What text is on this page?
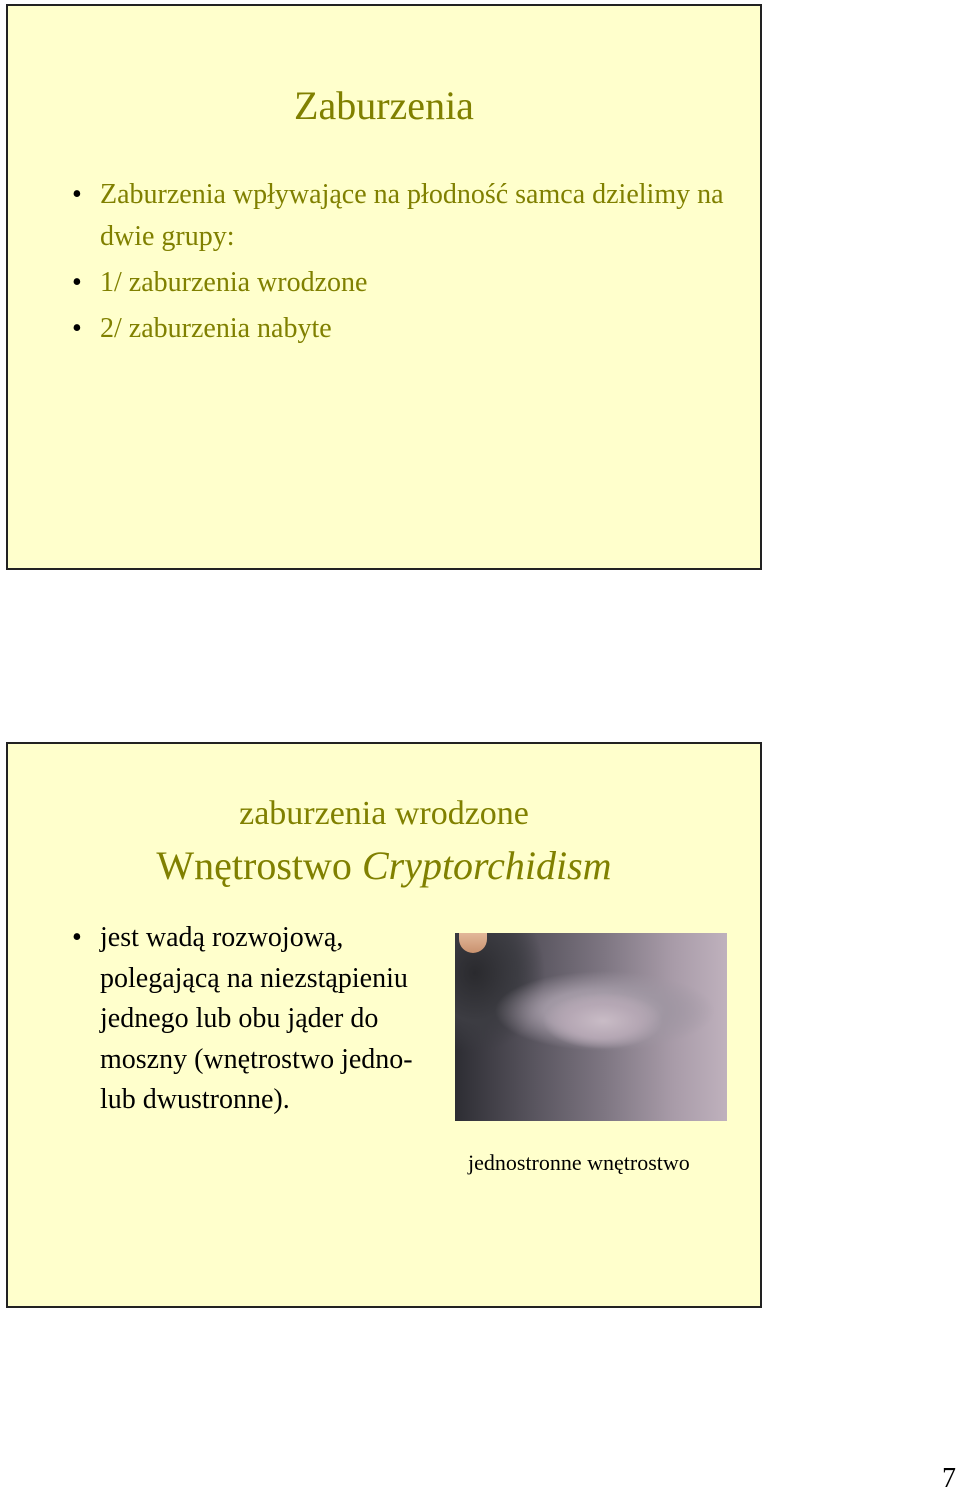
Zaburzenia
• Zaburzenia wpływające na płodność samca dzielimy na dwie grupy:
• 1/ zaburzenia wrodzone
• 2/ zaburzenia nabyte
zaburzenia wrodzone
Wnętrostwo Cryptorchidism
• jest wadą rozwojową, polegającą na niezstąpieniu jednego lub obu jąder do moszny (wnętrostwo jedno- lub dwustronne).
jednostronne wnętrostwo
7
